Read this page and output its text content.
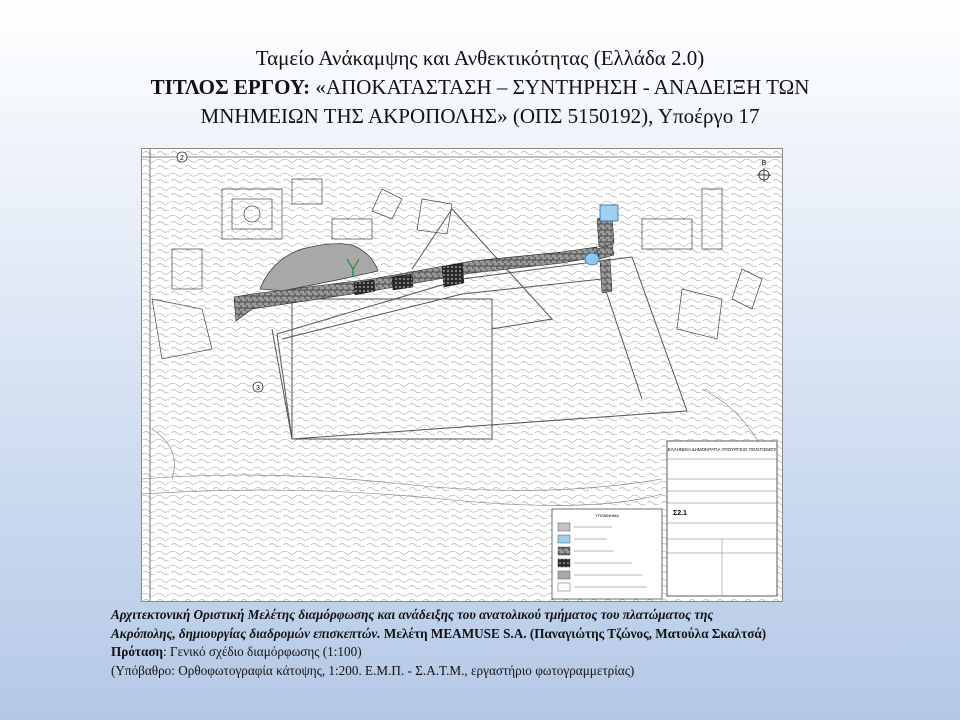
Ταμείο Ανάκαμψης και Ανθεκτικότητας (Ελλάδα 2.0)
ΤΙΤΛΟΣ ΕΡΓΟΥ: «ΑΠΟΚΑΤΑΣΤΑΣΗ – ΣΥΝΤΗΡΗΣΗ - ΑΝΑΔΕΙΞΗ ΤΩΝ
ΜΝΗΜΕΙΩΝ ΤΗΣ ΑΚΡΟΠΟΛΗΣ» (ΟΠΣ 5150192), Υποέργο 17
2
3
Β
ΕΛΛΗΝΙΚΗ ΔΗΜΟΚΡΑΤΙΑ ΥΠΟΥΡΓΕΙΟ ΠΟΛΙΤΙΣΜΟΥ
Σ2.1
ΥΠΟΜΝΗΜΑ
Αρχιτεκτονική Οριστική Μελέτης διαμόρφωσης και ανάδειξης του ανατολικού τμήματος του πλατώματος της
Ακρόπολης, δημιουργίας διαδρομών επισκεπτών. Μελέτη MEAMUSE S.A. (Παναγιώτης Τζώνος, Ματούλα Σκαλτσά)
Πρόταση: Γενικό σχέδιο διαμόρφωσης (1:100)
(Υπόβαθρο: Ορθοφωτογραφία κάτοψης, 1:200. Ε.Μ.Π. - Σ.Α.Τ.Μ., εργαστήριο φωτογραμμετρίας)
